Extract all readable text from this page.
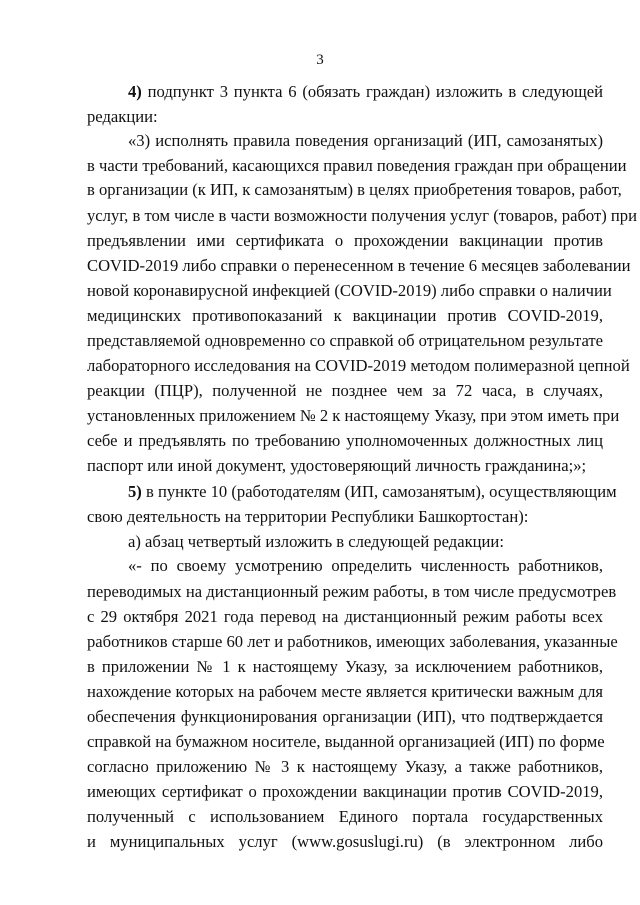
3
4) подпункт 3 пункта 6 (обязать граждан) изложить в следующей
редакции:
«3) исполнять правила поведения организаций (ИП, самозанятых)
в части требований, касающихся правил поведения граждан при обращении
в организации (к ИП, к самозанятым) в целях приобретения товаров, работ,
услуг, в том числе в части возможности получения услуг (товаров, работ) при
предъявлении ими сертификата о прохождении вакцинации против
COVID-2019 либо справки о перенесенном в течение 6 месяцев заболевании
новой коронавирусной инфекцией (COVID-2019) либо справки о наличии
медицинских противопоказаний к вакцинации против COVID-2019,
представляемой одновременно со справкой об отрицательном результате
лабораторного исследования на COVID-2019 методом полимеразной цепной
реакции (ПЦР), полученной не позднее чем за 72 часа, в случаях,
установленных приложением № 2 к настоящему Указу, при этом иметь при
себе и предъявлять по требованию уполномоченных должностных лиц
паспорт или иной документ, удостоверяющий личность гражданина;»;
5) в пункте 10 (работодателям (ИП, самозанятым), осуществляющим
свою деятельность на территории Республики Башкортостан):
а) абзац четвертый изложить в следующей редакции:
«- по своему усмотрению определить численность работников,
переводимых на дистанционный режим работы, в том числе предусмотрев
с 29 октября 2021 года перевод на дистанционный режим работы всех
работников старше 60 лет и работников, имеющих заболевания, указанные
в приложении № 1 к настоящему Указу, за исключением работников,
нахождение которых на рабочем месте является критически важным для
обеспечения функционирования организации (ИП), что подтверждается
справкой на бумажном носителе, выданной организацией (ИП) по форме
согласно приложению № 3 к настоящему Указу, а также работников,
имеющих сертификат о прохождении вакцинации против COVID-2019,
полученный с использованием Единого портала государственных
и муниципальных услуг (www.gosuslugi.ru) (в электронном либо
